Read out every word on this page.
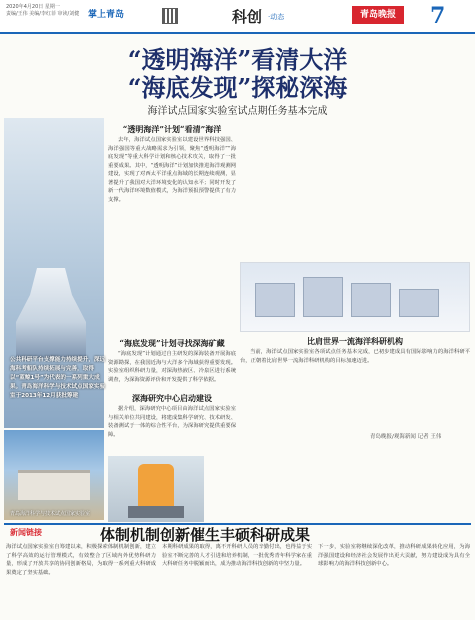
2020年4月20日 星期一
责编/王伟 美编/李红菲 审读/刘健 掌上青岛	科创 ·动态	青岛晚报	7
“透明海洋”看清大洋
“海底发现”探秘深海
海洋试点国家实验室试点期任务基本完成
公共科研平台支撑能力持续提升，深远海科考船队持续拓展与完善，取得以“蓝鲸1号”为代表的一系列重大成果。青岛海洋科学与技术试点国家实验室于2013年12月获批筹建
青岛海洋科学与技术试点国家实验室
“透明海洋”计划“看清”海洋

去年，海洋试点国家实验室以建设世界科技强国、海洋强国等重大战略需求为引领，聚焦“透明海洋”“海底发现”等重大科学计划和核心技术攻关，取得了一批重要成果。其中，“透明海洋”计划加快推进海洋观测网建设，实现了对西太平洋重点海域的长期连续观测，显著提升了我国对大洋环境变化的认知水平；同时开发了新一代海洋环境数值模式，为海洋预报预警提供了有力支撑。

“海底发现”计划寻找深海矿藏

“海底发现”计划通过自主研发的深海装备开展海底资源勘探，在我国近海与大洋多个海域获得重要发现。实验室组织科研力量，对深海热液区、冷泉区进行系统调查，为深海资源评价和开发提供了科学依据。

深海研究中心启动建设

据介绍，深海研究中心项目由海洋试点国家实验室与相关单位共同建设，将建成集科学研究、技术研发、装备测试于一体的综合性平台，为深海研究提供重要保障。

比肩世界一流海洋科研机构

当前，海洋试点国家实验室各项试点任务基本完成，已初步建成具有国际影响力的海洋科研平台，正朝着比肩世界一流海洋科研机构的目标加速迈进。

青岛晚报/观海新闻 记者 王伟
新闻链接	体制机制创新催生丰硕科研成果

海洋试点国家实验室自筹建以来，积极探索体制机制创新，建立了科学高效的运行管理模式，有效整合了区域内外优势科研力量，形成了开放共享的协同创新格局，为取得一系列重大科研成果奠定了坚实基础。

本期科研成果的取得，离不开科研人员的辛勤付出，也得益于实验室不断完善的人才引进和培养机制，一批优秀青年科学家在重大科研任务中脱颖而出，成为推动海洋科技创新的中坚力量。

下一步，实验室将继续深化改革，推动科研成果转化应用，为海洋强国建设和经济社会发展作出更大贡献，努力建设成为具有全球影响力的海洋科技创新中心。
